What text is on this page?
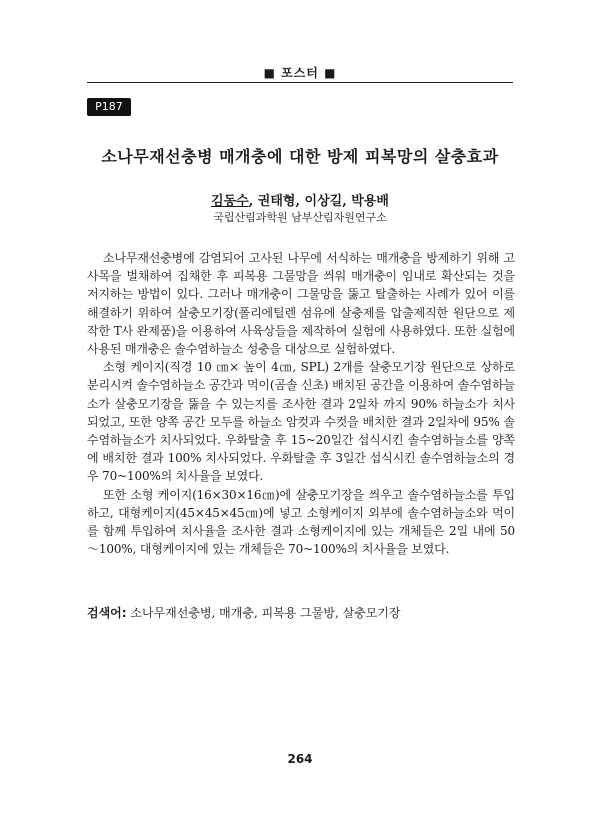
■ 포스터 ■
P187
소나무재선충병 매개충에 대한 방제 피복망의 살충효과
김동수, 권태형, 이상길, 박용배
국립산림과학원 남부산림자원연구소

소나무재선충병에 감염되어 고사된 나무에 서식하는 매개충을 방제하기 위해 고사목을 벌채하여 집채한 후 피복용 그물망을 씌워 매개충이 임내로 확산되는 것을 저지하는 방법이 있다. 그러나 매개충이 그물망을 뚫고 탈출하는 사례가 있어 이를 해결하기 위하여 살충모기장(폴리에틸렌 섬유에 살충제를 압출제직한 원단으로 제작한 T사 완제품)을 이용하여 사육상들을 제작하여 실험에 사용하였다. 또한 실험에 사용된 매개충은 솔수염하늘소 성충을 대상으로 실험하였다.

소형 케이지(직경 10 ㎝× 높이 4㎝, SPL) 2개를 살충모기장 원단으로 상하로 분리시켜 솔수염하늘소 공간과 먹이(곰솔 신초) 배치된 공간을 이용하여 솔수염하늘소가 살충모기장을 뚫을 수 있는지를 조사한 결과 2일차 까지 90% 하늘소가 치사되었고, 또한 양쪽 공간 모두를 하늘소 암컷과 수컷을 배치한 결과 2일차에 95% 솔수염하늘소가 치사되었다. 우화탈출 후 15~20일간 섭식시킨 솔수염하늘소를 양쪽에 배치한 결과 100% 치사되었다. 우화탈출 후 3일간 섭식시킨 솔수염하늘소의 경우 70~100%의 치사율을 보였다.

또한 소형 케이지(16×30×16㎝)에 살충모기장을 씌우고 솔수염하늘소를 투입하고, 대형케이지(45×45×45㎝)에 넣고 소형케이지 외부에 솔수염하늘소와 먹이를 함께 투입하여 치사율을 조사한 결과 소형케이지에 있는 개체들은 2일 내에 50～100%, 대형케이지에 있는 개체들은 70~100%의 치사율을 보였다.

검색어: 소나무재선충병, 매개충, 피복용 그물방, 살충모기장
264
